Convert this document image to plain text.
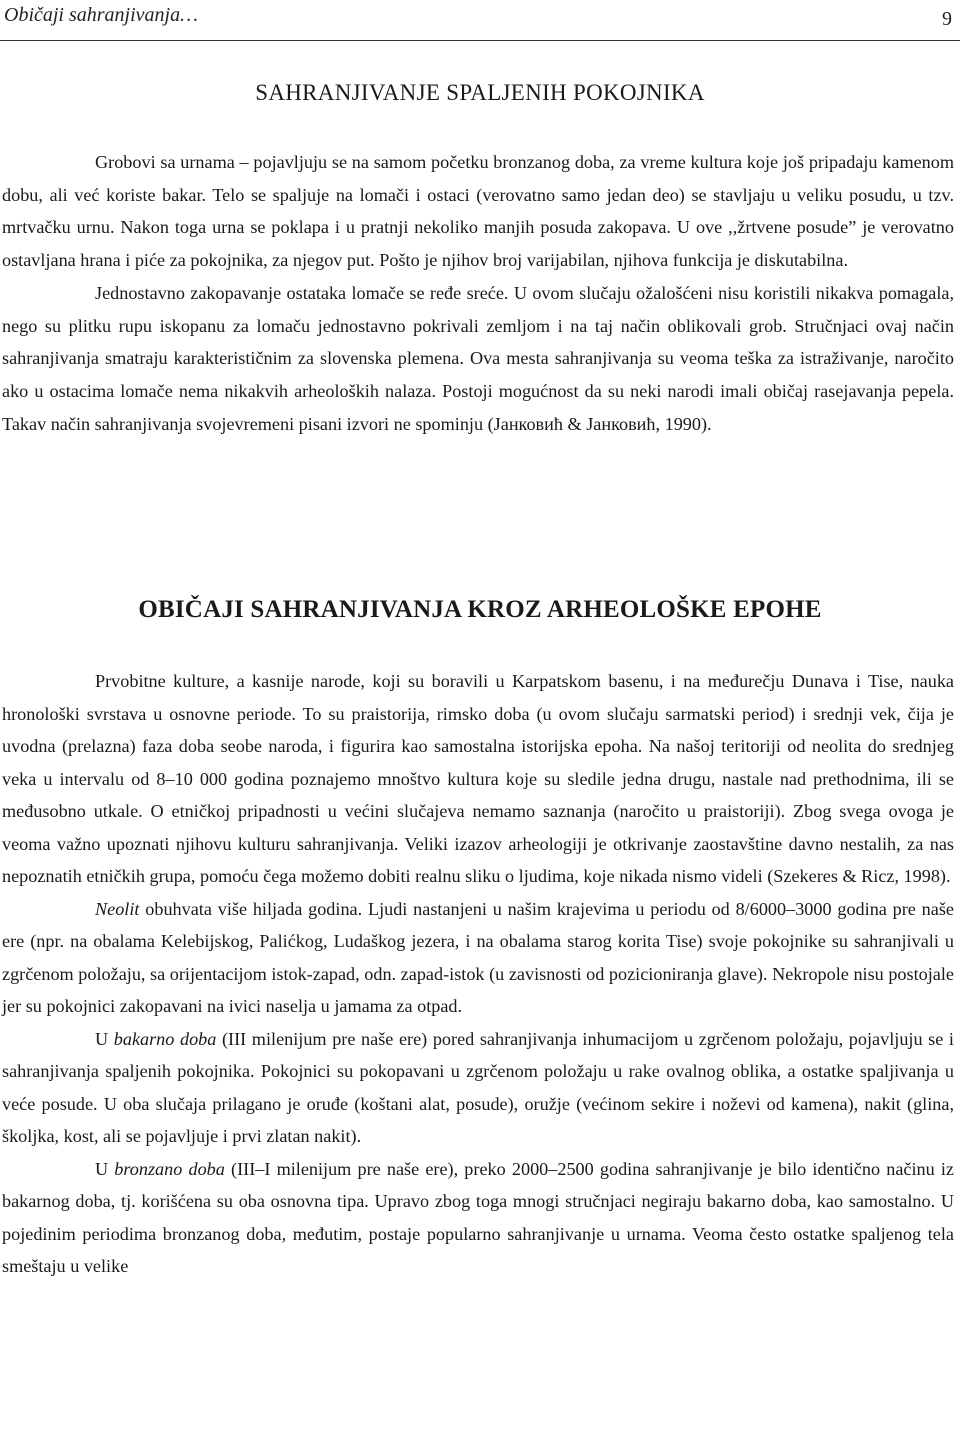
Običaji sahranjivanja…	9
SAHRANJIVANJE SPALJENIH POKOJNIKA

Grobovi sa urnama – pojavljuju se na samom početku bronzanog doba, za vreme kultura koje još pripadaju kamenom dobu, ali već koriste bakar. Telo se spaljuje na lomači i ostaci (verovatno samo jedan deo) se stavljaju u veliku posudu, u tzv. mrtvačku urnu. Nakon toga urna se poklapa i u pratnji nekoliko manjih posuda zakopava. U ove ,,žrtvene posude” je verovatno ostavljana hrana i piće za pokojnika, za njegov put. Pošto je njihov broj varijabilan, njihova funkcija je diskutabilna.

Jednostavno zakopavanje ostataka lomače se ređe sreće. U ovom slučaju ožalošćeni nisu koristili nikakva pomagala, nego su plitku rupu iskopanu za lomaču jednostavno pokrivali zemljom i na taj način oblikovali grob. Stručnjaci ovaj način sahranjivanja smatraju karakterističnim za slovenska plemena. Ova mesta sahranjivanja su veoma teška za istraživanje, naročito ako u ostacima lomače nema nikakvih arheoloških nalaza. Postoji mogućnost da su neki narodi imali običaj rasejavanja pepela. Takav način sahranjivanja svojevremeni pisani izvori ne spominju (Јанковић & Јанковић, 1990).

OBIČAJI SAHRANJIVANJA KROZ ARHEOLOŠKE EPOHE

Prvobitne kulture, a kasnije narode, koji su boravili u Karpatskom basenu, i na međurečju Dunava i Tise, nauka hronološki svrstava u osnovne periode. To su praistorija, rimsko doba (u ovom slučaju sarmatski period) i srednji vek, čija je uvodna (prelazna) faza doba seobe naroda, i figurira kao samostalna istorijska epoha. Na našoj teritoriji od neolita do srednjeg veka u intervalu od 8–10 000 godina poznajemo mnoštvo kultura koje su sledile jedna drugu, nastale nad prethodnima, ili se međusobno utkale. O etničkoj pripadnosti u većini slučajeva nemamo saznanja (naročito u praistoriji). Zbog svega ovoga je veoma važno upoznati njihovu kulturu sahranjivanja. Veliki izazov arheologiji je otkrivanje zaostavštine davno nestalih, za nas nepoznatih etničkih grupa, pomoću čega možemo dobiti realnu sliku o ljudima, koje nikada nismo videli (Szekeres & Ricz, 1998).

Neolit obuhvata više hiljada godina. Ljudi nastanjeni u našim krajevima u periodu od 8/6000–3000 godina pre naše ere (npr. na obalama Kelebijskog, Palićkog, Ludaškog jezera, i na obalama starog korita Tise) svoje pokojnike su sahranjivali u zgrčenom položaju, sa orijentacijom istok-zapad, odn. zapad-istok (u zavisnosti od pozicioniranja glave). Nekropole nisu postojale jer su pokojnici zakopavani na ivici naselja u jamama za otpad.

U bakarno doba (III milenijum pre naše ere) pored sahranjivanja inhumacijom u zgrčenom položaju, pojavljuju se i sahranjivanja spaljenih pokojnika. Pokojnici su pokopavani u zgrčenom položaju u rake ovalnog oblika, a ostatke spaljivanja u veće posude. U oba slučaja prilagano je oruđe (koštani alat, posude), oružje (većinom sekire i noževi od kamena), nakit (glina, školjka, kost, ali se pojavljuje i prvi zlatan nakit).

U bronzano doba (III–I milenijum pre naše ere), preko 2000–2500 godina sahranjivanje je bilo identično načinu iz bakarnog doba, tj. korišćena su oba osnovna tipa. Upravo zbog toga mnogi stručnjaci negiraju bakarno doba, kao samostalno. U pojedinim periodima bronzanog doba, međutim, postaje popularno sahranjivanje u urnama. Veoma često ostatke spaljenog tela smeštaju u velike
